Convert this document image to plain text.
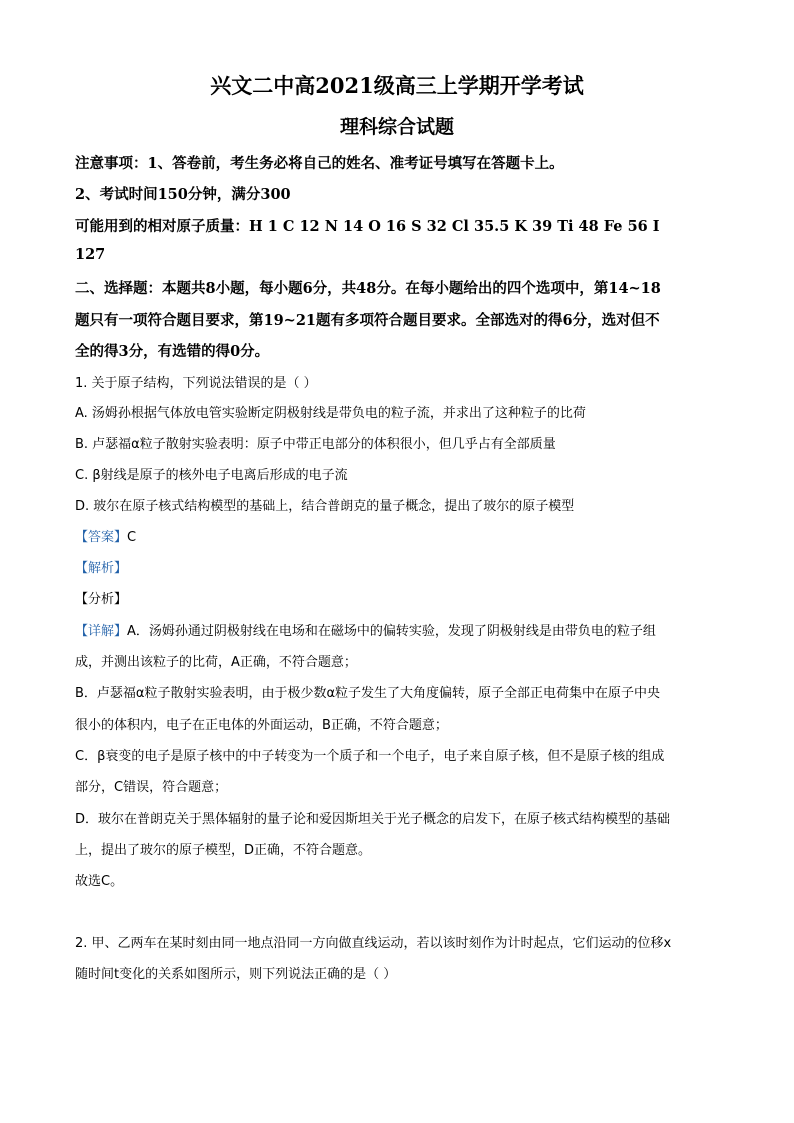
兴文二中高2021级高三上学期开学考试
理科综合试题
注意事项：1、答卷前，考生务必将自己的姓名、准考证号填写在答题卡上。
2、考试时间150分钟，满分300
可能用到的相对原子质量：H 1 C 12 N 14 O 16 S 32 Cl 35.5 K 39 Ti 48 Fe 56 I
127
二、选择题：本题共8小题，每小题6分，共48分。在每小题给出的四个选项中，第14~18
题只有一项符合题目要求，第19~21题有多项符合题目要求。全部选对的得6分，选对但不
全的得3分，有选错的得0分。
1. 关于原子结构，下列说法错误的是（ ）
A. 汤姆孙根据气体放电管实验断定阴极射线是带负电的粒子流，并求出了这种粒子的比荷
B. 卢瑟福α粒子散射实验表明：原子中带正电部分的体积很小，但几乎占有全部质量
C. β射线是原子的核外电子电离后形成的电子流
D. 玻尔在原子核式结构模型的基础上，结合普朗克的量子概念，提出了玻尔的原子模型
【答案】C
【解析】
【分析】
【详解】A．汤姆孙通过阴极射线在电场和在磁场中的偏转实验，发现了阴极射线是由带负电的粒子组
成，并测出该粒子的比荷，A正确，不符合题意；
B．卢瑟福α粒子散射实验表明，由于极少数α粒子发生了大角度偏转，原子全部正电荷集中在原子中央
很小的体积内，电子在正电体的外面运动，B正确，不符合题意；
C．β衰变的电子是原子核中的中子转变为一个质子和一个电子，电子来自原子核，但不是原子核的组成
部分，C错误，符合题意；
D．玻尔在普朗克关于黑体辐射的量子论和爱因斯坦关于光子概念的启发下，在原子核式结构模型的基础
上，提出了玻尔的原子模型，D正确，不符合题意。
故选C。
2. 甲、乙两车在某时刻由同一地点沿同一方向做直线运动，若以该时刻作为计时起点，它们运动的位移x
随时间t变化的关系如图所示，则下列说法正确的是（ ）
